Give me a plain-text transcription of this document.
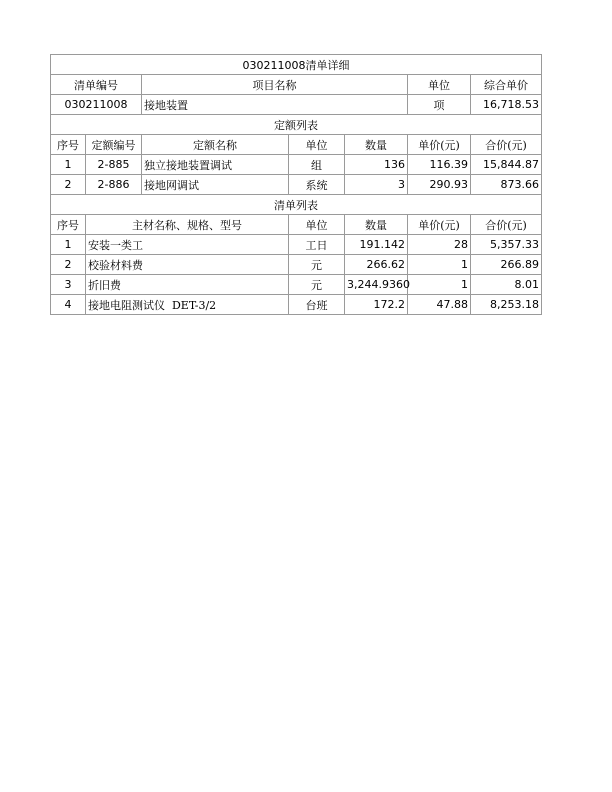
030211008清单详细						
清单编号		项目名称			单位	综合单价
030211008		接地装置			项	16,718.53
定额列表						
序号	定额编号	定额名称	单位	数量	单价(元)	合价(元)
1	2-885	独立接地装置调试	组	136	116.39	15,844.87
2	2-886	接地网调试	系统	3	290.93	873.66
清单列表						
序号	主材名称、规格、型号		单位	数量	单价(元)	合价(元)
1	安装一类工		工日	191.142	28	5,357.33
2	校验材料费		元	266.62	1	266.89
3	折旧费		元	3,244.9360	1	8.01
4	接地电阻测试仪  DET-3/2		台班	172.2	47.88	8,253.18
